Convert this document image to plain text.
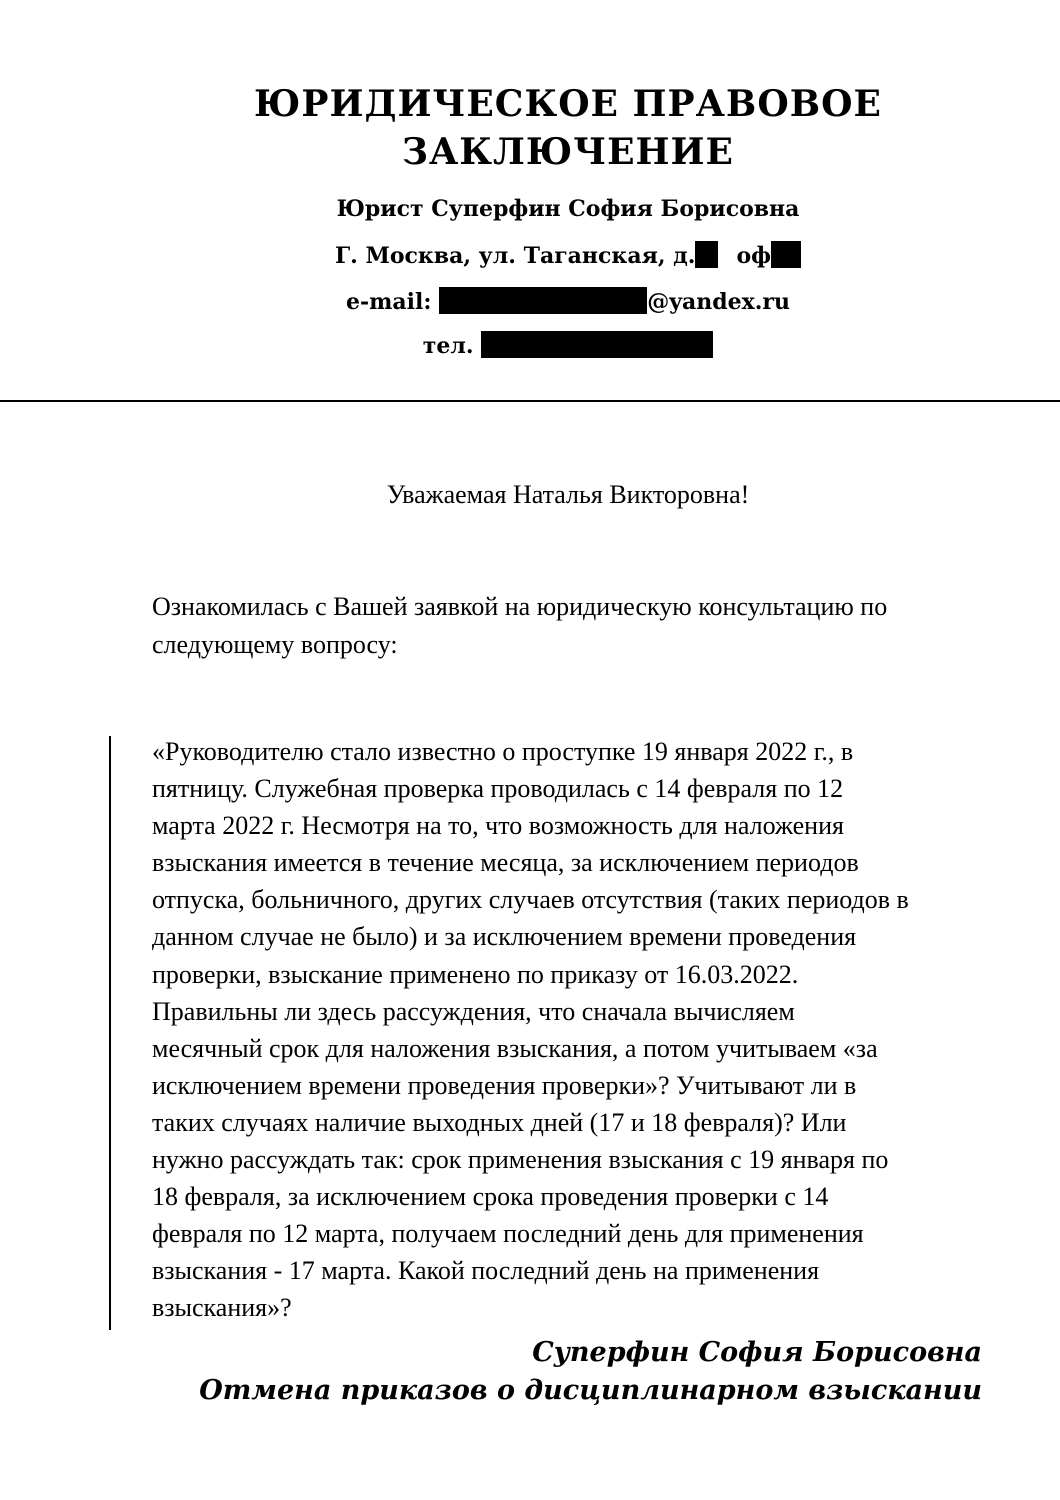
ЮРИДИЧЕСКОЕ ПРАВОВОЕ
ЗАКЛЮЧЕНИЕ
Юрист Суперфин София Борисовна
Г. Москва, ул. Таганская, д. оф
e-mail:	@yandex.ru
тел.
Уважаемая Наталья Викторовна!
Ознакомилась с Вашей заявкой на юридическую консультацию по следующему вопросу:
«Руководителю стало известно о проступке 19 января 2022 г., в
пятницу. Служебная проверка проводилась с 14 февраля по 12
марта 2022 г. Несмотря на то, что возможность для наложения
взыскания имеется в течение месяца, за исключением периодов
отпуска, больничного, других случаев отсутствия (таких периодов в
данном случае не было) и за исключением времени проведения
проверки, взыскание применено по приказу от 16.03.2022.
Правильны ли здесь рассуждения, что сначала вычисляем
месячный срок для наложения взыскания, а потом учитываем «за
исключением времени проведения проверки»? Учитывают ли в
таких случаях наличие выходных дней (17 и 18 февраля)? Или
нужно рассуждать так: срок применения взыскания с 19 января по
18 февраля, за исключением срока проведения проверки с 14
февраля по 12 марта, получаем последний день для применения
взыскания - 17 марта. Какой последний день на применения
взыскания»?
Суперфин София Борисовна
Отмена приказов о дисциплинарном взыскании
